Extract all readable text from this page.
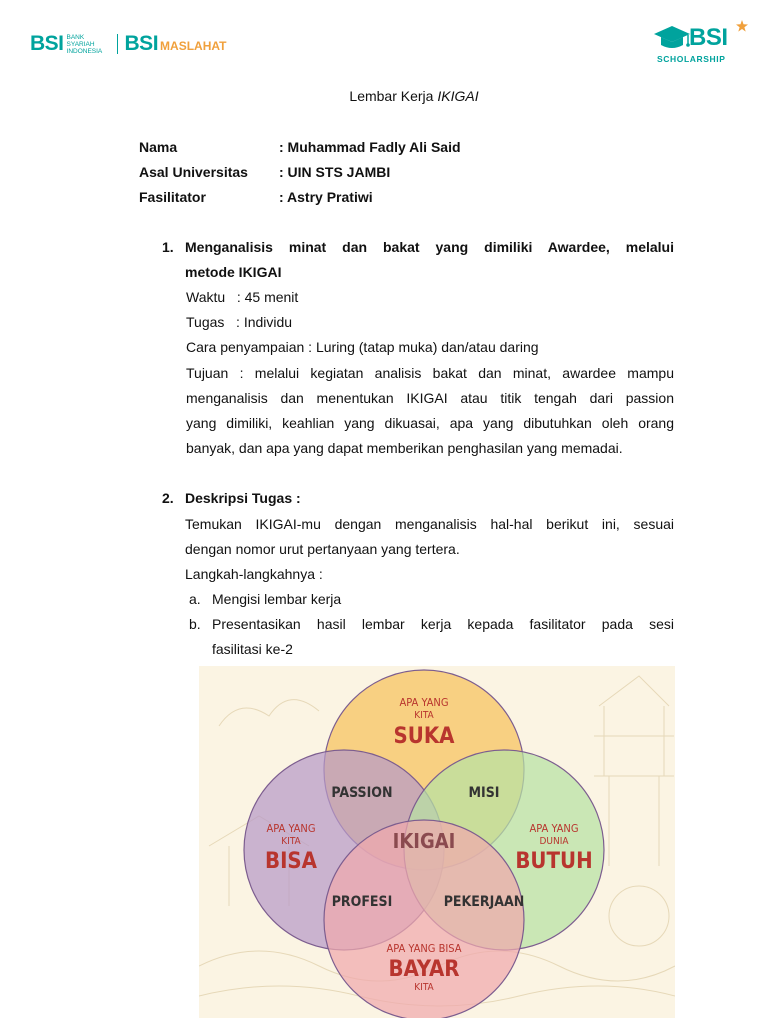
BSI BANK SYARIAH INDONESIA	BSI MASLAHAT	BSI
SCHOLARSHIP
Lembar Kerja IKIGAI
Nama	: Muhammad Fadly Ali Said
Asal Universitas : UIN STS JAMBI
Fasilitator	: Astry Pratiwi
1. Menganalisis minat dan bakat yang dimiliki Awardee, melalui
metode IKIGAI
Waktu   : 45 menit
Tugas   : Individu
Cara penyampaian : Luring (tatap muka) dan/atau daring
Tujuan : melalui kegiatan analisis bakat dan minat, awardee mampu
menganalisis dan menentukan IKIGAI atau titik tengah dari passion
yang dimiliki, keahlian yang dikuasai, apa yang dibutuhkan oleh orang
banyak, dan apa yang dapat memberikan penghasilan yang memadai.
2. Deskripsi Tugas :
Temukan IKIGAI-mu dengan menganalisis hal-hal berikut ini, sesuai
dengan nomor urut pertanyaan yang tertera.
Langkah-langkahnya :
a. Mengisi lembar kerja
b. Presentasikan hasil lembar kerja kepada fasilitator pada sesi
fasilitasi ke-2
APA YANG
KITA
SUKA
APA YANG
KITA
BISA
APA YANG
DUNIA
BUTUH
APA YANG BISA
BAYAR
KITA
PASSION	MISI
PROFESI	PEKERJAAN
IKIGAI
